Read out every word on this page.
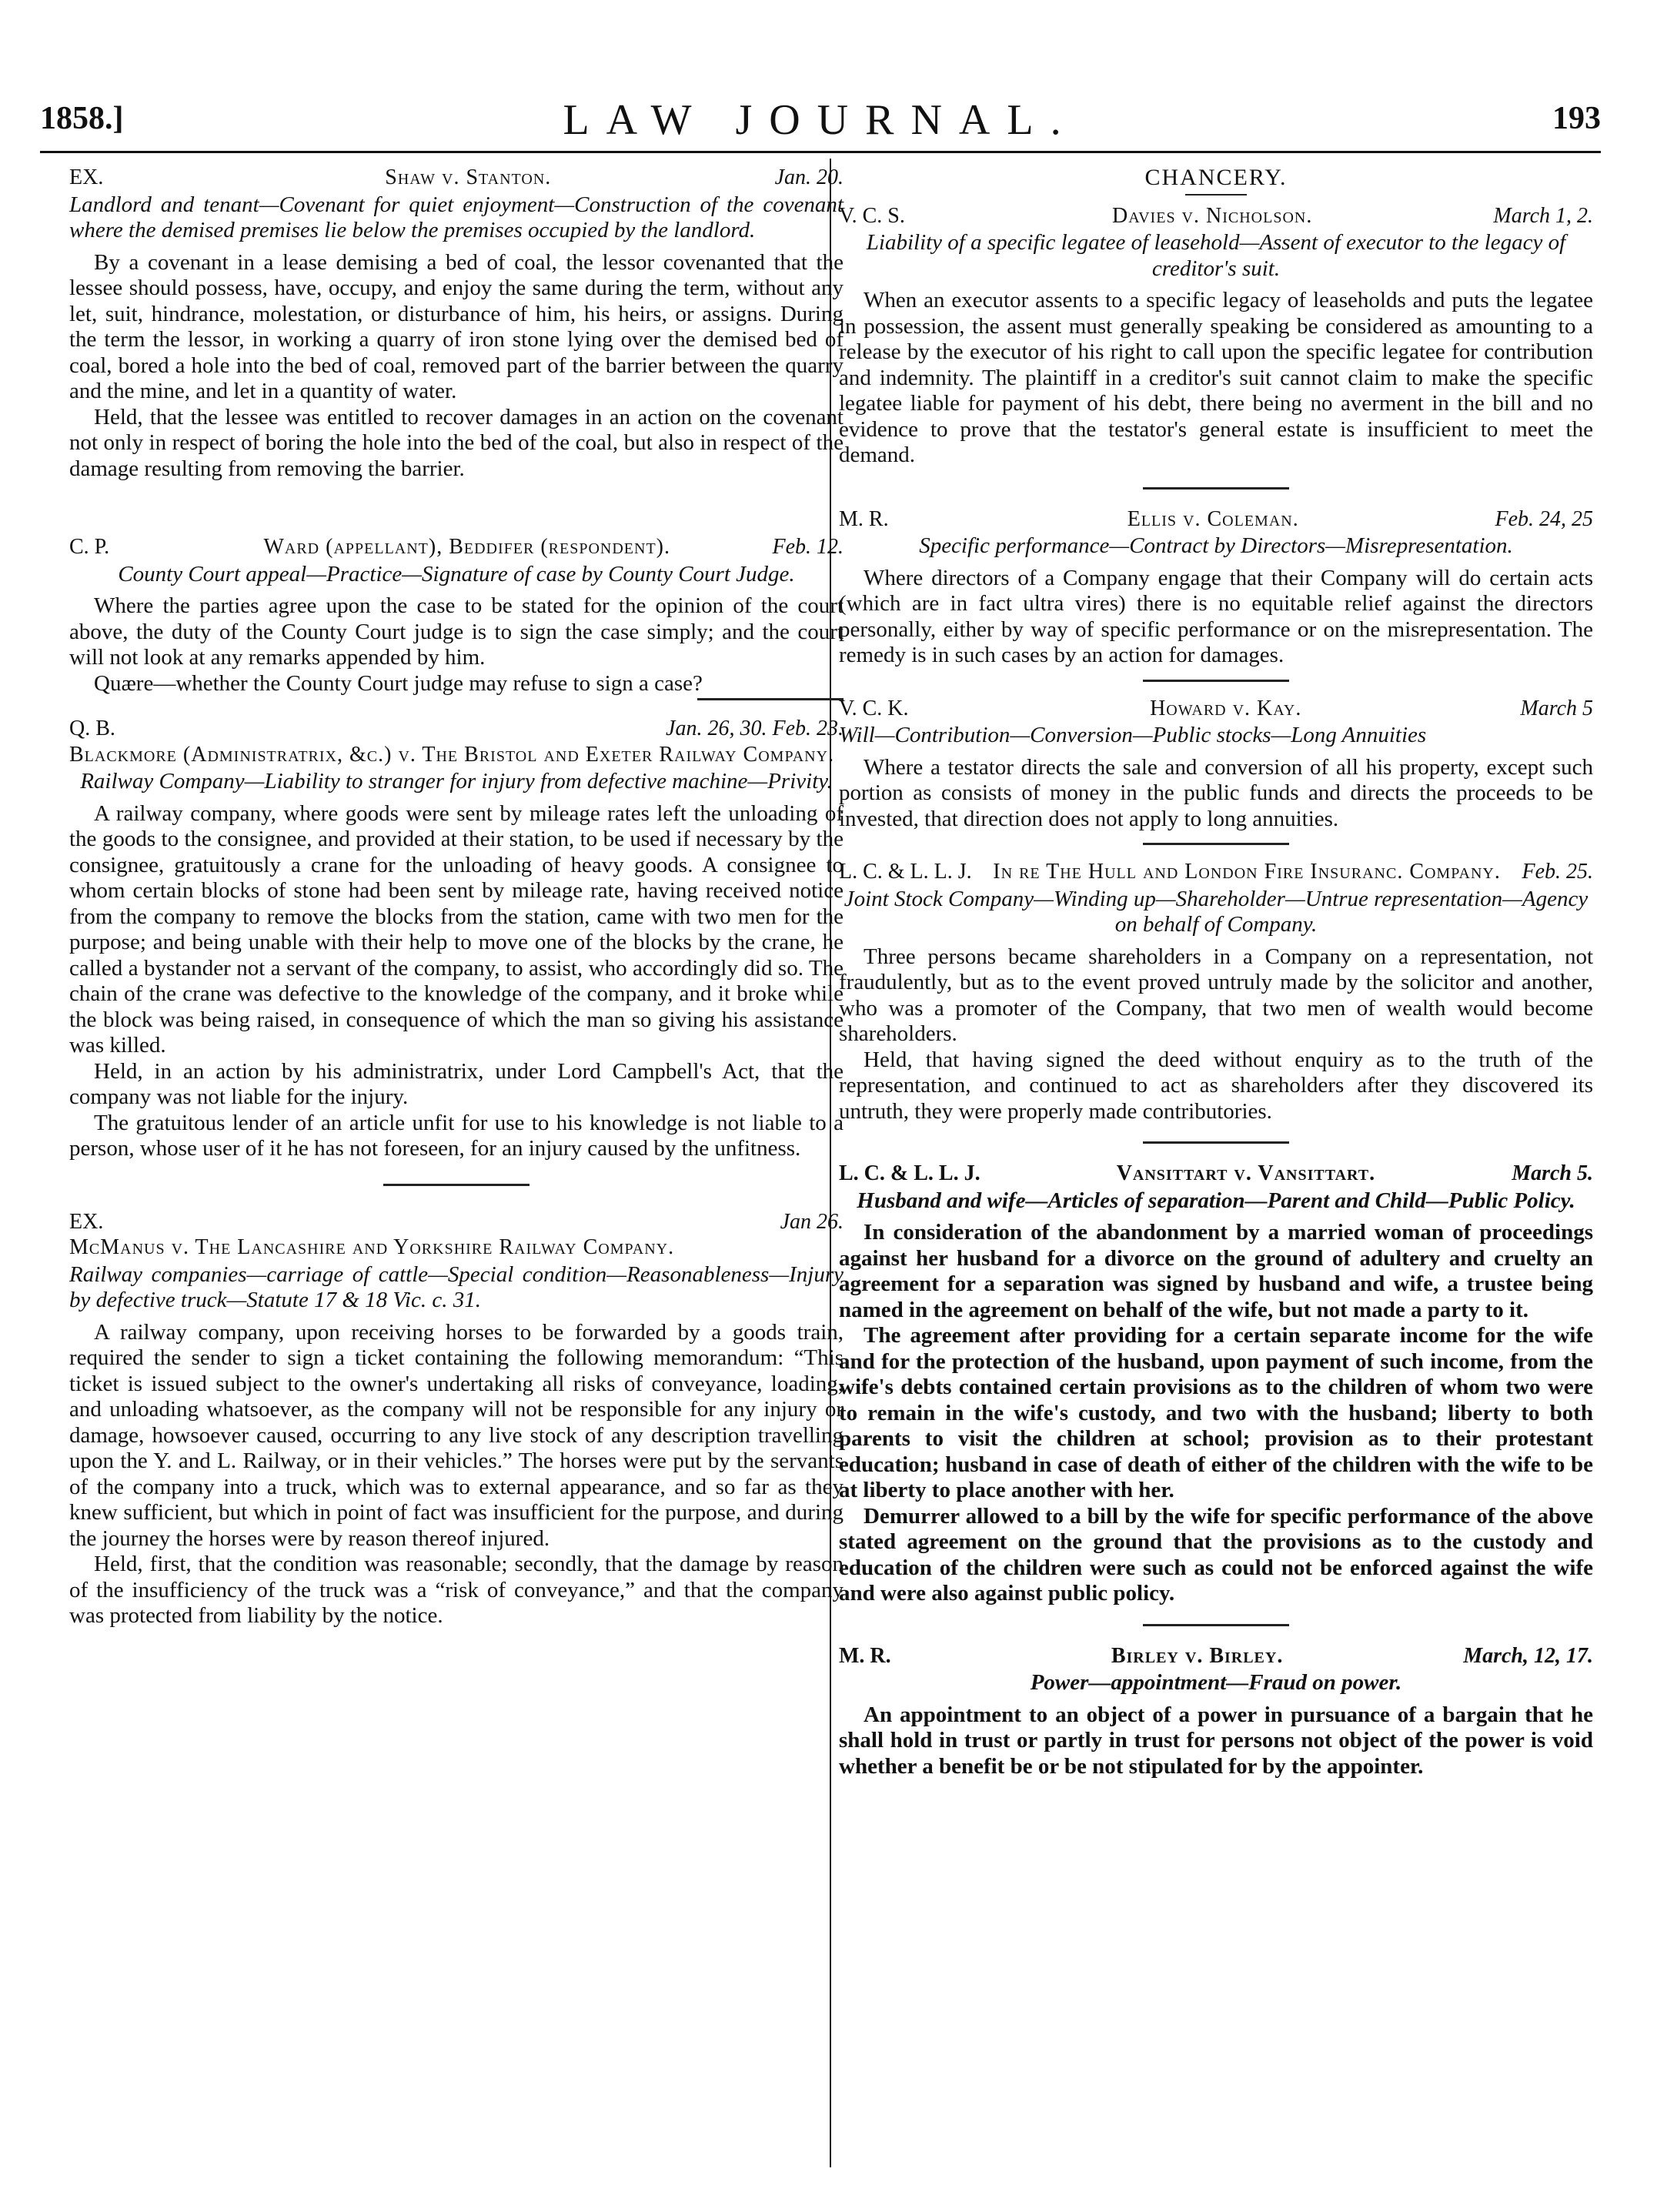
1858.]	LAW JOURNAL.	193
EX.	Shaw v. Stanton.	Jan. 20.
Landlord and tenant—Covenant for quiet enjoyment—Construction of the covenant where the demised premises lie below the premises occupied by the landlord.

By a covenant in a lease demising a bed of coal, the lessor covenanted that the lessee should possess, have, occupy, and enjoy the same during the term, without any let, suit, hindrance, molestation, or disturbance of him, his heirs, or assigns. During the term the lessor, in working a quarry of iron stone lying over the demised bed of coal, bored a hole into the bed of coal, removed part of the barrier between the quarry and the mine, and let in a quantity of water.

Held, that the lessee was entitled to recover damages in an action on the covenant not only in respect of boring the hole into the bed of the coal, but also in respect of the damage resulting from removing the barrier.

C. P.	Ward (appellant), Beddifer (respondent).	Feb. 12.
County Court appeal—Practice—Signature of case by County Court Judge.

Where the parties agree upon the case to be stated for the opinion of the court above, the duty of the County Court judge is to sign the case simply; and the court will not look at any remarks appended by him.

Quære—whether the County Court judge may refuse to sign a case?

Q. B.	Jan. 26, 30. Feb. 23.
Blackmore (Administratrix, &c.) v. The Bristol and Exeter Railway Company.
Railway Company—Liability to stranger for injury from defective machine—Privity.

A railway company, where goods were sent by mileage rates left the unloading of the goods to the consignee, and provided at their station, to be used if necessary by the consignee, gratuitously a crane for the unloading of heavy goods. A consignee to whom certain blocks of stone had been sent by mileage rate, having received notice from the company to remove the blocks from the station, came with two men for the purpose; and being unable with their help to move one of the blocks by the crane, he called a bystander not a servant of the company, to assist, who accordingly did so. The chain of the crane was defective to the knowledge of the company, and it broke while the block was being raised, in consequence of which the man so giving his assistance was killed.

Held, in an action by his administratrix, under Lord Campbell's Act, that the company was not liable for the injury.

The gratuitous lender of an article unfit for use to his knowledge is not liable to a person, whose user of it he has not foreseen, for an injury caused by the unfitness.

EX.	Jan 26.
McManus v. The Lancashire and Yorkshire Railway Company.
Railway companies—carriage of cattle—Special condition—Reasonableness—Injury by defective truck—Statute 17 & 18 Vic. c. 31.

A railway company, upon receiving horses to be forwarded by a goods train, required the sender to sign a ticket containing the following memorandum: “This ticket is issued subject to the owner's undertaking all risks of conveyance, loading, and unloading whatsoever, as the company will not be responsible for any injury or damage, howsoever caused, occurring to any live stock of any description travelling upon the Y. and L. Railway, or in their vehicles.” The horses were put by the servants of the company into a truck, which was to external appearance, and so far as they knew sufficient, but which in point of fact was insufficient for the purpose, and during the journey the horses were by reason thereof injured.

Held, first, that the condition was reasonable; secondly, that the damage by reason of the insufficiency of the truck was a “risk of conveyance,” and that the company was protected from liability by the notice.

CHANCERY.
V. C. S.	Davies v. Nicholson.	March 1, 2.
Liability of a specific legatee of leasehold—Assent of executor to the legacy of creditor's suit.

When an executor assents to a specific legacy of leaseholds and puts the legatee in possession, the assent must generally speaking be considered as amounting to a release by the executor of his right to call upon the specific legatee for contribution and indemnity. The plaintiff in a creditor's suit cannot claim to make the specific legatee liable for payment of his debt, there being no averment in the bill and no evidence to prove that the testator's general estate is insufficient to meet the demand.

M. R.	Ellis v. Coleman.	Feb. 24, 25
Specific performance—Contract by Directors—Misrepresentation.

Where directors of a Company engage that their Company will do certain acts (which are in fact ultra vires) there is no equitable relief against the directors personally, either by way of specific performance or on the misrepresentation. The remedy is in such cases by an action for damages.

V. C. K.	Howard v. Kay.	March 5
Will—Contribution—Conversion—Public stocks—Long Annuities

Where a testator directs the sale and conversion of all his property, except such portion as consists of money in the public funds and directs the proceeds to be invested, that direction does not apply to long annuities.

L. C. & L. L. J. In re The Hull and London Fire Insuranc. Company. Feb. 25.
Joint Stock Company—Winding up—Shareholder—Untrue representation—Agency on behalf of Company.

Three persons became shareholders in a Company on a representation, not fraudulently, but as to the event proved untruly made by the solicitor and another, who was a promoter of the Company, that two men of wealth would become shareholders.

Held, that having signed the deed without enquiry as to the truth of the representation, and continued to act as shareholders after they discovered its untruth, they were properly made contributories.

L. C. & L. L. J.	Vansittart v. Vansittart.	March 5.
Husband and wife—Articles of separation—Parent and Child—Public Policy.

In consideration of the abandonment by a married woman of proceedings against her husband for a divorce on the ground of adultery and cruelty an agreement for a separation was signed by husband and wife, a trustee being named in the agreement on behalf of the wife, but not made a party to it.

The agreement after providing for a certain separate income for the wife and for the protection of the husband, upon payment of such income, from the wife's debts contained certain provisions as to the children of whom two were to remain in the wife's custody, and two with the husband; liberty to both parents to visit the children at school; provision as to their protestant education; husband in case of death of either of the children with the wife to be at liberty to place another with her.

Demurrer allowed to a bill by the wife for specific performance of the above stated agreement on the ground that the provisions as to the custody and education of the children were such as could not be enforced against the wife and were also against public policy.

M. R.	Birley v. Birley.	March, 12, 17.
Power—appointment—Fraud on power.

An appointment to an object of a power in pursuance of a bargain that he shall hold in trust or partly in trust for persons not object of the power is void whether a benefit be or be not stipulated for by the appointer.
